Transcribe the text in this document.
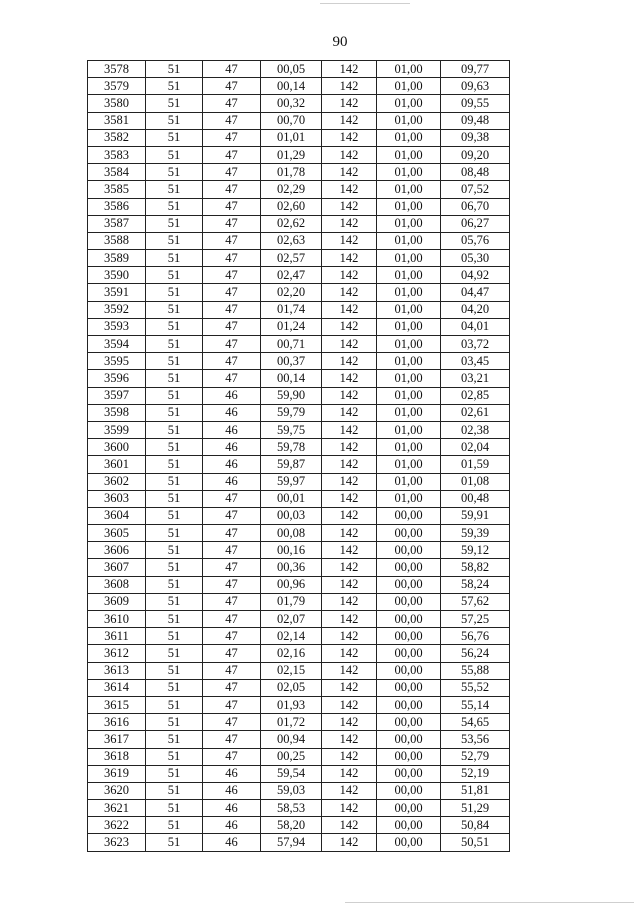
90
3578	51	47	00,05	142	01,00	09,77
3579	51	47	00,14	142	01,00	09,63
3580	51	47	00,32	142	01,00	09,55
3581	51	47	00,70	142	01,00	09,48
3582	51	47	01,01	142	01,00	09,38
3583	51	47	01,29	142	01,00	09,20
3584	51	47	01,78	142	01,00	08,48
3585	51	47	02,29	142	01,00	07,52
3586	51	47	02,60	142	01,00	06,70
3587	51	47	02,62	142	01,00	06,27
3588	51	47	02,63	142	01,00	05,76
3589	51	47	02,57	142	01,00	05,30
3590	51	47	02,47	142	01,00	04,92
3591	51	47	02,20	142	01,00	04,47
3592	51	47	01,74	142	01,00	04,20
3593	51	47	01,24	142	01,00	04,01
3594	51	47	00,71	142	01,00	03,72
3595	51	47	00,37	142	01,00	03,45
3596	51	47	00,14	142	01,00	03,21
3597	51	46	59,90	142	01,00	02,85
3598	51	46	59,79	142	01,00	02,61
3599	51	46	59,75	142	01,00	02,38
3600	51	46	59,78	142	01,00	02,04
3601	51	46	59,87	142	01,00	01,59
3602	51	46	59,97	142	01,00	01,08
3603	51	47	00,01	142	01,00	00,48
3604	51	47	00,03	142	00,00	59,91
3605	51	47	00,08	142	00,00	59,39
3606	51	47	00,16	142	00,00	59,12
3607	51	47	00,36	142	00,00	58,82
3608	51	47	00,96	142	00,00	58,24
3609	51	47	01,79	142	00,00	57,62
3610	51	47	02,07	142	00,00	57,25
3611	51	47	02,14	142	00,00	56,76
3612	51	47	02,16	142	00,00	56,24
3613	51	47	02,15	142	00,00	55,88
3614	51	47	02,05	142	00,00	55,52
3615	51	47	01,93	142	00,00	55,14
3616	51	47	01,72	142	00,00	54,65
3617	51	47	00,94	142	00,00	53,56
3618	51	47	00,25	142	00,00	52,79
3619	51	46	59,54	142	00,00	52,19
3620	51	46	59,03	142	00,00	51,81
3621	51	46	58,53	142	00,00	51,29
3622	51	46	58,20	142	00,00	50,84
3623	51	46	57,94	142	00,00	50,51
